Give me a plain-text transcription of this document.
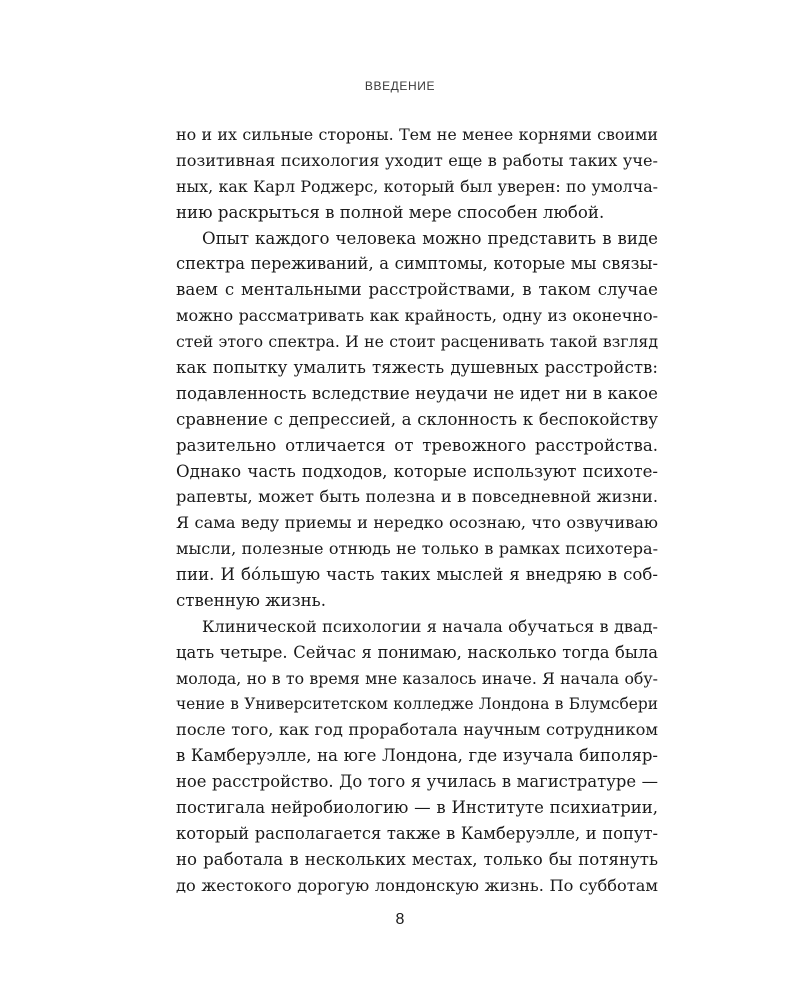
ВВЕДЕНИЕ
но и их сильные стороны. Тем не менее корнями своими
позитивная психология уходит еще в работы таких уче-
ных, как Карл Роджерс, который был уверен: по умолча-
нию раскрыться в полной мере способен любой.
Опыт каждого человека можно представить в виде
спектра переживаний, а симптомы, которые мы связы-
ваем с ментальными расстройствами, в таком случае
можно рассматривать как крайность, одну из оконечно-
стей этого спектра. И не стоит расценивать такой взгляд
как попытку умалить тяжесть душевных расстройств:
подавленность вследствие неудачи не идет ни в какое
сравнение с депрессией, а склонность к беспокойству
разительно отличается от тревожного расстройства.
Однако часть подходов, которые используют психоте-
рапевты, может быть полезна и в повседневной жизни.
Я сама веду приемы и нередко осознаю, что озвучиваю
мысли, полезные отнюдь не только в рамках психотера-
пии. И бо́льшую часть таких мыслей я внедряю в соб-
ственную жизнь.
Клинической психологии я начала обучаться в двад-
цать четыре. Сейчас я понимаю, насколько тогда была
молода, но в то время мне казалось иначе. Я начала обу-
чение в Университетском колледже Лондона в Блумсбери
после того, как год проработала научным сотрудником
в Камберуэлле, на юге Лондона, где изучала биполяр-
ное расстройство. До того я училась в магистратуре —
постигала нейробиологию — в Институте психиатрии,
который располагается также в Камберуэлле, и попут-
но работала в нескольких местах, только бы потянуть
до жестокого дорогую лондонскую жизнь. По субботам
8
